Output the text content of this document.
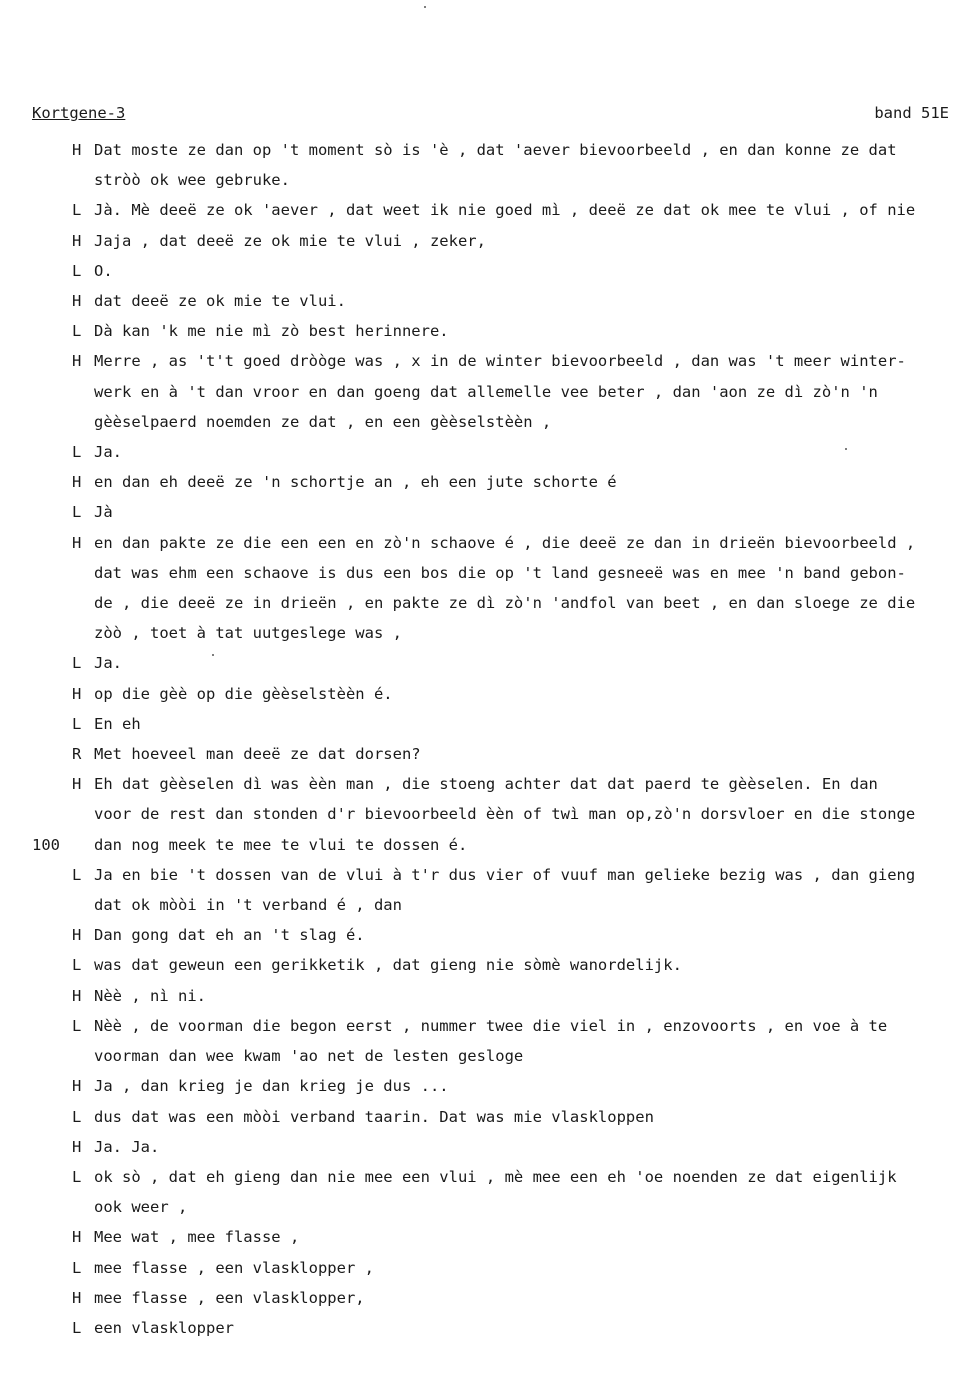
Kortgene-3	band 51E
H Dat moste ze dan op 't moment sò is 'è , dat 'aever bievoorbeeld , en dan konne ze dat
stròò ok wee gebruke.
L Jà. Mè deeë ze ok 'aever , dat weet ik nie goed mì , deeë ze dat ok mee te vlui , of nie
H Jaja , dat deeë ze ok mie te vlui , zeker,
L O.
H dat deeë ze ok mie te vlui.
L Dà kan 'k me nie mì zò best herinnere.
H Merre , as 't't goed dròòge was , x in de winter bievoorbeeld , dan was 't meer winter-
werk en à 't dan vroor en dan goeng dat allemelle vee beter , dan 'aon ze dì zò'n 'n
gèèselpaerd noemden ze dat , en een gèèselstèèn ,
L Ja.
H en dan eh deeë ze 'n schortje an , eh een jute schorte é
L Jà
H en dan pakte ze die een een en zò'n schaove é , die deeë ze dan in drieën bievoorbeeld ,
dat was ehm een schaove is dus een bos die op 't land gesneeë was en mee 'n band gebon-
de , die deeë ze in drieën , en pakte ze dì zò'n 'andfol van beet , en dan sloege ze die
zòò , toet à tat uutgeslege was ,
L Ja.
H op die gèè op die gèèselstèèn é.
L En eh
R Met hoeveel man deeë ze dat dorsen?
H Eh dat gèèselen dì was èèn man , die stoeng achter dat dat paerd te gèèselen. En dan
voor de rest dan stonden d'r bievoorbeeld èèn of twì man op,zò'n dorsvloer en die stonge
dan nog meek te mee te vlui te dossen é.
100
L Ja en bie 't dossen van de vlui à t'r dus vier of vuuf man gelieke bezig was , dan gieng
dat ok mòòi in 't verband é , dan
H Dan gong dat eh an 't slag é.
L was dat geweun een gerikketik , dat gieng nie sòmè wanordelijk.
H Nèè , nì ni.
L Nèè , de voorman die begon eerst , nummer twee die viel in , enzovoorts , en voe à te
voorman dan wee kwam 'ao net de lesten gesloge
H Ja , dan krieg je dan krieg je dus ...
L dus dat was een mòòi verband taarin. Dat was mie vlaskloppen
H Ja. Ja.
L ok sò , dat eh gieng dan nie mee een vlui , mè mee een eh 'oe noenden ze dat eigenlijk
ook weer ,
H Mee wat , mee flasse ,
L mee flasse , een vlasklopper ,
H mee flasse , een vlasklopper,
L een vlasklopper
